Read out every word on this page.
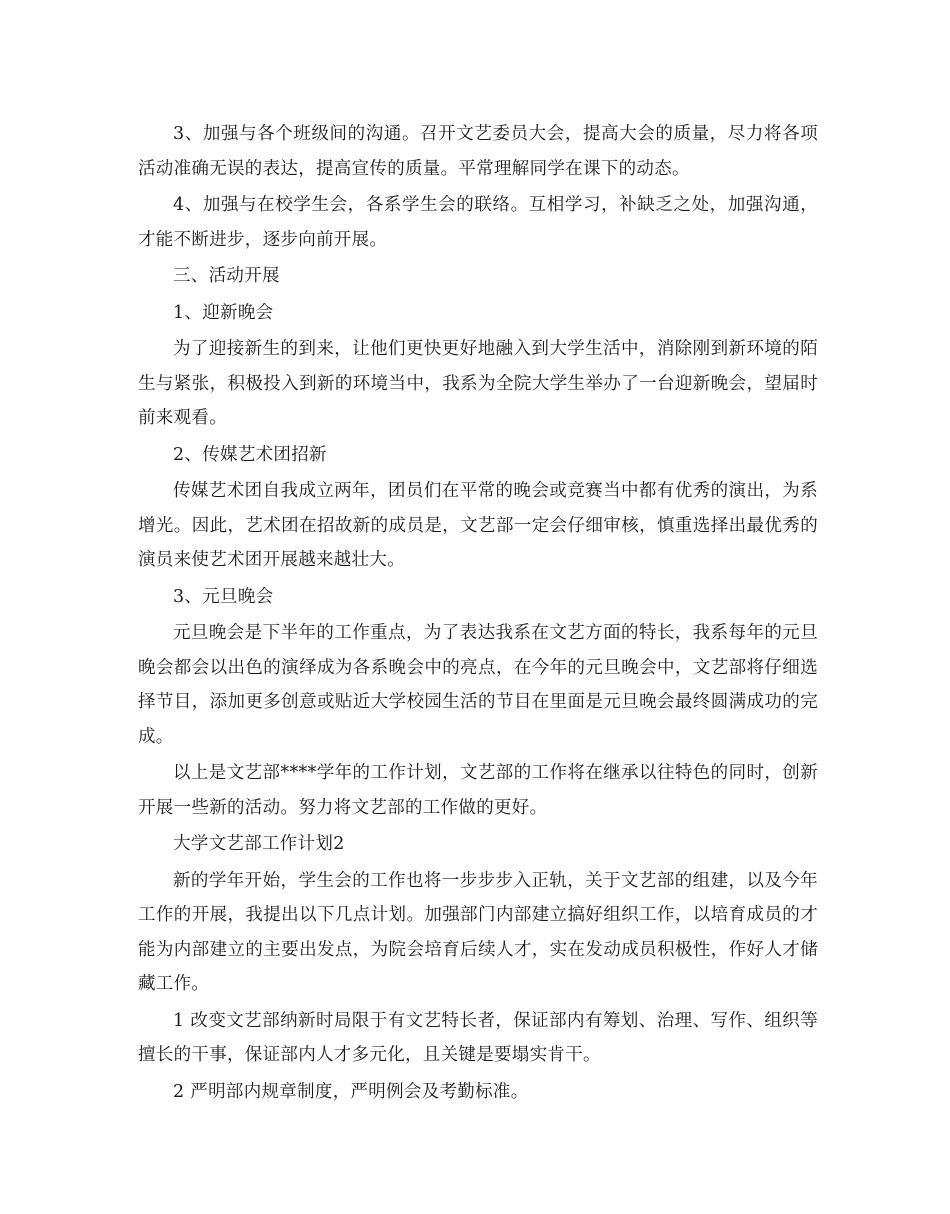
3、加强与各个班级间的沟通。召开文艺委员大会，提高大会的质量，尽力将各项活动准确无误的表达，提高宣传的质量。平常理解同学在课下的动态。

4、加强与在校学生会，各系学生会的联络。互相学习，补缺乏之处，加强沟通，才能不断进步，逐步向前开展。

三、活动开展

1、迎新晚会

为了迎接新生的到来，让他们更快更好地融入到大学生活中，消除刚到新环境的陌生与紧张，积极投入到新的环境当中，我系为全院大学生举办了一台迎新晚会，望届时前来观看。

2、传媒艺术团招新

传媒艺术团自我成立两年，团员们在平常的晚会或竞赛当中都有优秀的演出，为系增光。因此，艺术团在招故新的成员是，文艺部一定会仔细审核，慎重选择出最优秀的演员来使艺术团开展越来越壮大。

3、元旦晚会

元旦晚会是下半年的工作重点，为了表达我系在文艺方面的特长，我系每年的元旦晚会都会以出色的演绎成为各系晚会中的亮点，在今年的元旦晚会中，文艺部将仔细选择节目，添加更多创意或贴近大学校园生活的节目在里面是元旦晚会最终圆满成功的完成。

以上是文艺部****学年的工作计划，文艺部的工作将在继承以往特色的同时，创新开展一些新的活动。努力将文艺部的工作做的更好。

大学文艺部工作计划2

新的学年开始，学生会的工作也将一步步步入正轨，关于文艺部的组建，以及今年工作的开展，我提出以下几点计划。加强部门内部建立搞好组织工作，以培育成员的才能为内部建立的主要出发点，为院会培育后续人才，实在发动成员积极性，作好人才储藏工作。

1 改变文艺部纳新时局限于有文艺特长者，保证部内有筹划、治理、写作、组织等擅长的干事，保证部内人才多元化，且关键是要塌实肯干。

2 严明部内规章制度，严明例会及考勤标准。
